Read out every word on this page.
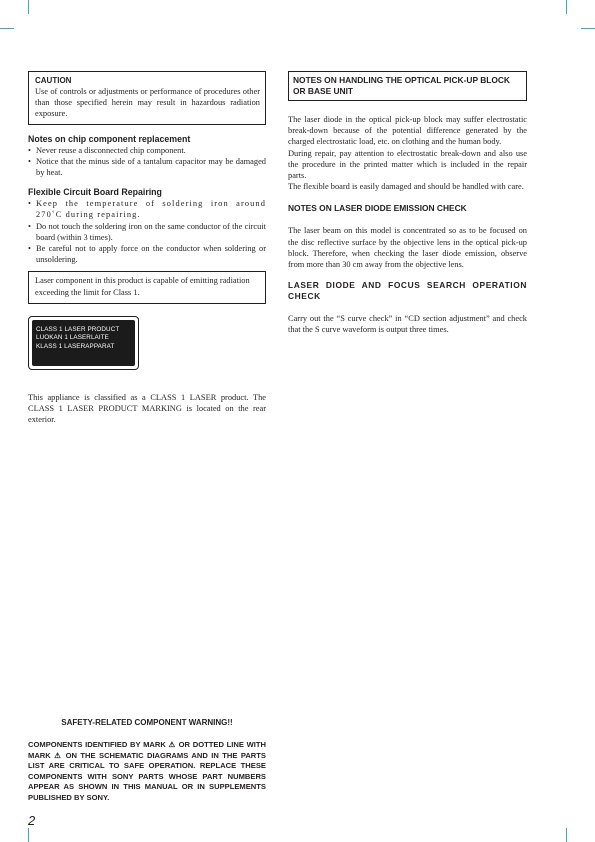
CAUTION
Use of controls or adjustments or performance of procedures other than those specified herein may result in hazardous radiation exposure.
Notes on chip component replacement
• Never reuse a disconnected chip component.
• Notice that the minus side of a tantalum capacitor may be damaged by heat.
Flexible Circuit Board Repairing
• Keep the temperature of soldering iron around 270˚C during repairing.
• Do not touch the soldering iron on the same conductor of the circuit board (within 3 times).
• Be careful not to apply force on the conductor when soldering or unsoldering.
Laser component in this product is capable of emitting radiation exceeding the limit for Class 1.
CLASS 1 LASER PRODUCT
LUOKAN 1 LASERLAITE
KLASS 1 LASERAPPARAT
This appliance is classified as a CLASS 1 LASER product. The CLASS 1 LASER PRODUCT MARKING is located on the rear exterior.
NOTES ON HANDLING THE OPTICAL PICK-UP BLOCK OR BASE UNIT
The laser diode in the optical pick-up block may suffer electrostatic break-down because of the potential difference generated by the charged electrostatic load, etc. on clothing and the human body.
During repair, pay attention to electrostatic break-down and also use the procedure in the printed matter which is included in the repair parts.
The flexible board is easily damaged and should be handled with care.
NOTES ON LASER DIODE EMISSION CHECK
The laser beam on this model is concentrated so as to be focused on the disc reflective surface by the objective lens in the optical pick-up block. Therefore, when checking the laser diode emission, observe from more than 30 cm away from the objective lens.
LASER DIODE AND FOCUS SEARCH OPERATION CHECK
Carry out the “S curve check” in “CD section adjustment” and check that the S curve waveform is output three times.
SAFETY-RELATED COMPONENT WARNING!!
COMPONENTS IDENTIFIED BY MARK ⚠ OR DOTTED LINE WITH MARK ⚠ ON THE SCHEMATIC DIAGRAMS AND IN THE PARTS LIST ARE CRITICAL TO SAFE OPERATION. REPLACE THESE COMPONENTS WITH SONY PARTS WHOSE PART NUMBERS APPEAR AS SHOWN IN THIS MANUAL OR IN SUPPLEMENTS PUBLISHED BY SONY.
2
